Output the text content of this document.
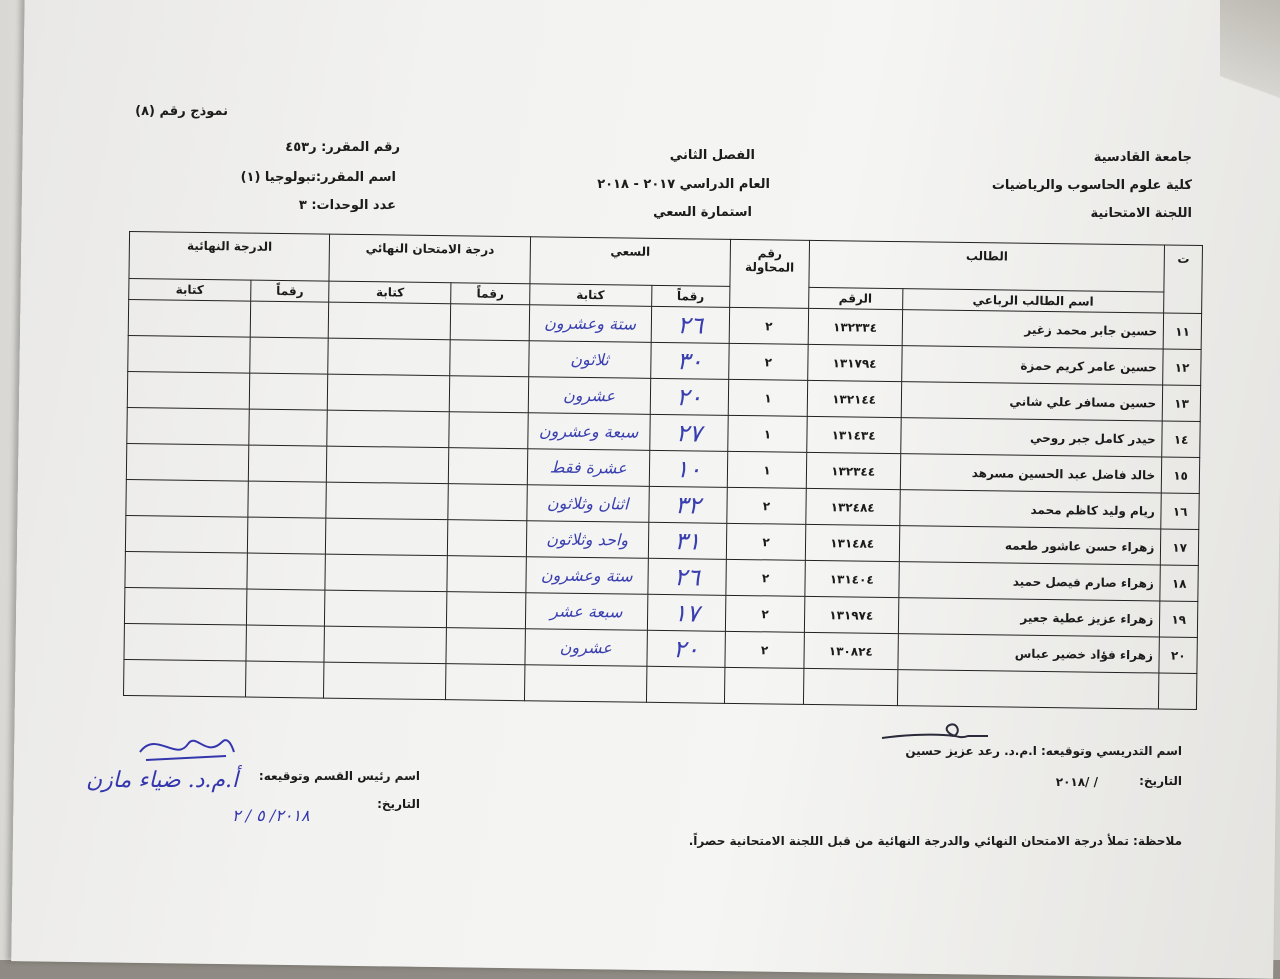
نموذج رقم (٨)
جامعة القادسية
كلية علوم الحاسوب والرياضيات
اللجنة الامتحانية
الفصل الثاني
العام الدراسي ٢٠١٧ - ٢٠١٨
استمارة السعي
رقم المقرر: ر٤٥٣
اسم المقرر:تبولوجيا (١)
عدد الوحدات: ٣
ت	الطالب		رقم المحاولة	السعي		درجة الامتحان النهائي		الدرجة النهائية	
	اسم الطالب الرباعي	الرقم		رقماً	كتابة	رقماً	كتابة	رقماً	كتابة
١١	حسين جابر محمد زغير	١٣٢٣٣٤	٢	٢٦	ستة وعشرون				
١٢	حسين عامر كريم حمزة	١٣١٧٩٤	٢	٣٠	ثلاثون				
١٣	حسين مسافر علي شاني	١٣٢١٤٤	١	٢٠	عشرون				
١٤	حيدر كامل جبر روحي	١٣١٤٣٤	١	٢٧	سبعة وعشرون				
١٥	خالد فاضل عبد الحسين مسرهد	١٣٢٣٤٤	١	١٠	عشرة فقط				
١٦	ريام وليد كاظم محمد	١٣٢٤٨٤	٢	٣٢	اثنان وثلاثون				
١٧	زهراء حسن عاشور طعمه	١٣١٤٨٤	٢	٣١	واحد وثلاثون				
١٨	زهراء صارم فيصل حميد	١٣١٤٠٤	٢	٢٦	ستة وعشرون				
١٩	زهراء عزيز عطية جعير	١٣١٩٧٤	٢	١٧	سبعة عشر				
٢٠	زهراء فؤاد خضير عباس	١٣٠٨٢٤	٢	٢٠	عشرون				

اسم التدريسي وتوقيعه: ا.م.د. رعد عزيز حسين
التاريخ:
/ /٢٠١٨
اسم رئيس القسم وتوقيعه:
التاريخ:
ملاحظة: تملأ درجة الامتحان النهائي والدرجة النهائية من قبل اللجنة الامتحانية حصراً.
أ.م.د. ضياء مازن
٢٠١٨/ ٥ / ٢
